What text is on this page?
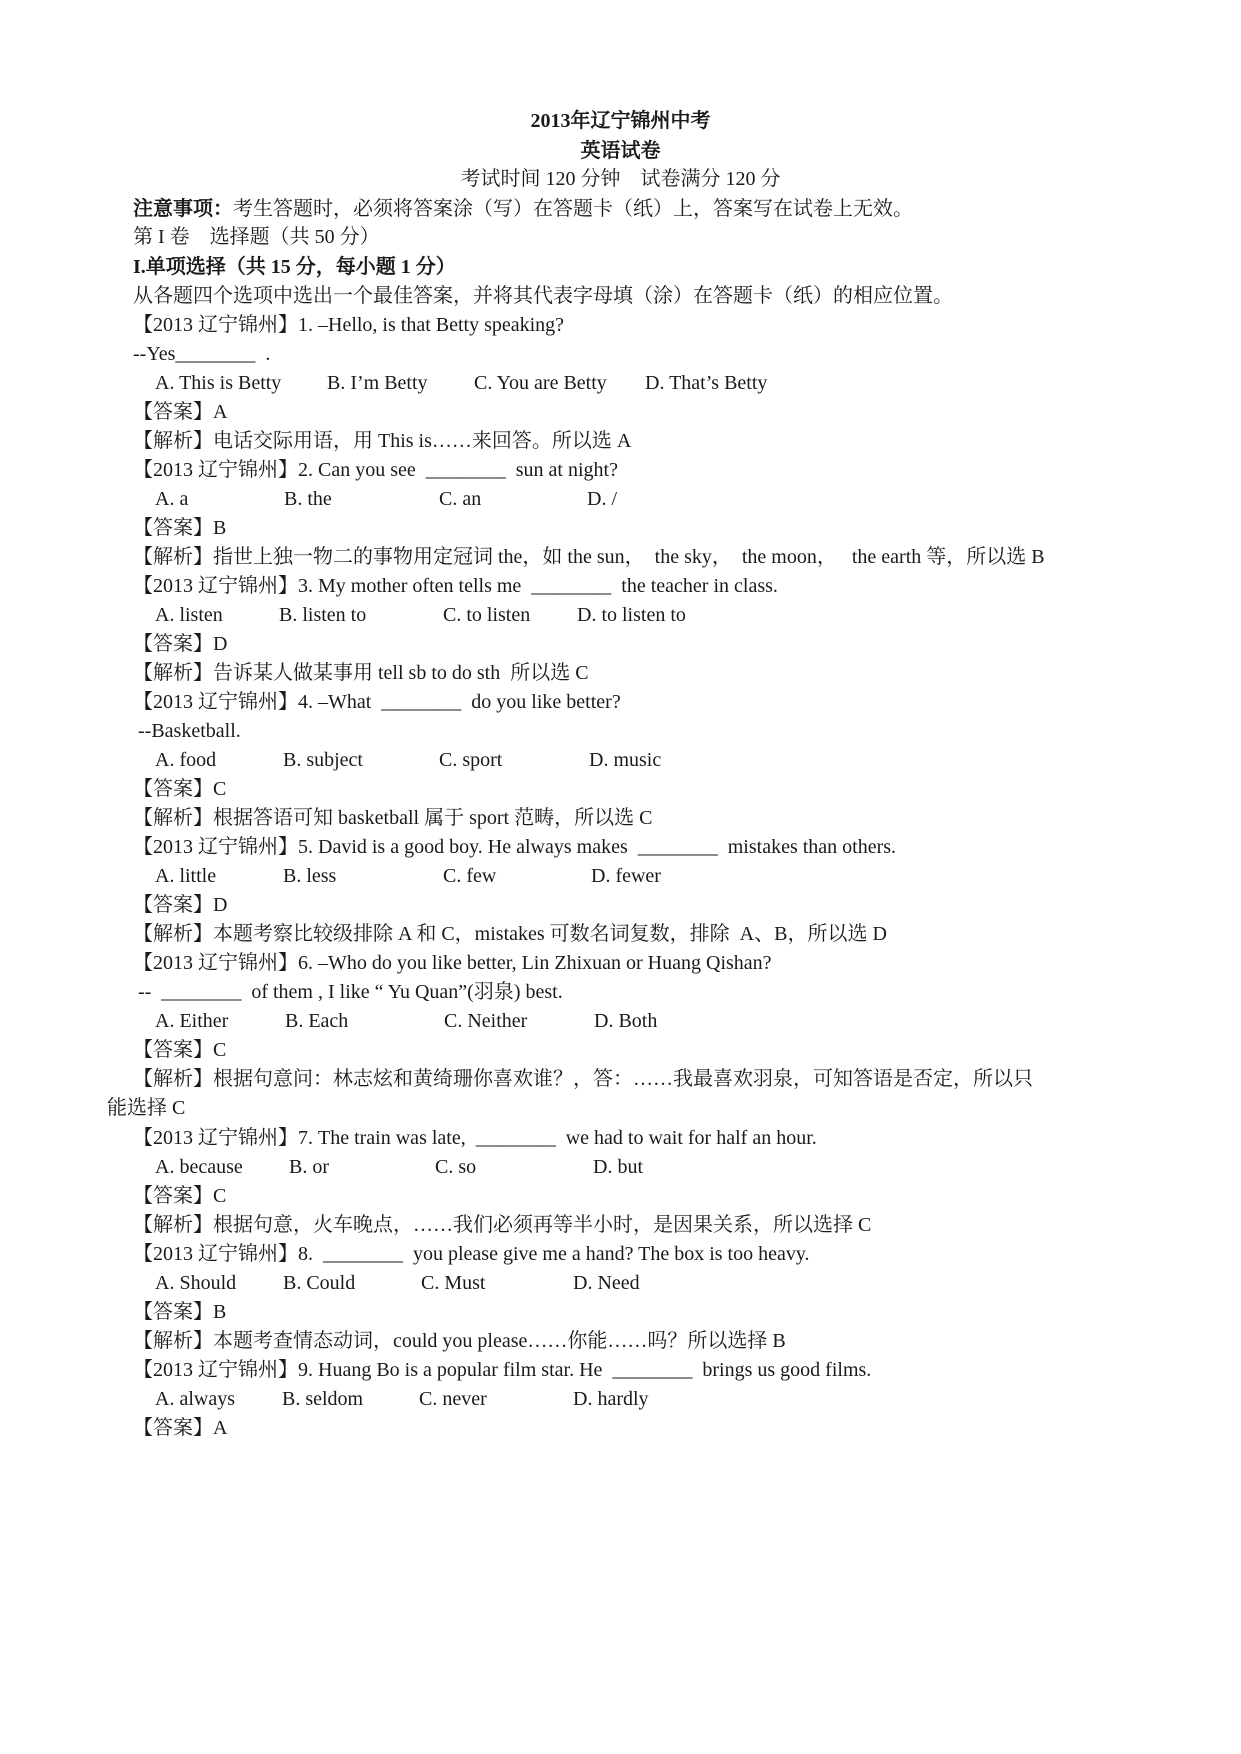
2013年辽宁锦州中考
英语试卷
考试时间 120 分钟    试卷满分 120 分
注意事项：考生答题时，必须将答案涂（写）在答题卡（纸）上，答案写在试卷上无效。
第 I 卷    选择题（共 50 分）
I.单项选择（共 15 分，每小题 1 分）
从各题四个选项中选出一个最佳答案，并将其代表字母填（涂）在答题卡（纸）的相应位置。
【2013 辽宁锦州】1. –Hello, is that Betty speaking?
--Yes________  .
A. This is Betty B. I’m Betty C. You are Betty D. That’s Betty
【答案】A
【解析】电话交际用语，用 This is……来回答。所以选 A
【2013 辽宁锦州】2. Can you see  ________  sun at night?
A. a	B. the	C. an	D. /
【答案】B
【解析】指世上独一物二的事物用定冠词 the，如 the sun，  the sky，  the moon，   the earth 等，所以选 B
【2013 辽宁锦州】3. My mother often tells me  ________  the teacher in class.
A. listen	B. listen to	C. to listen D. to listen to
【答案】D
【解析】告诉某人做某事用 tell sb to do sth  所以选 C
【2013 辽宁锦州】4. –What  ________  do you like better?
--Basketball.
A. food	B. subject	C. sport	D. music
【答案】C
【解析】根据答语可知 basketball 属于 sport 范畴，所以选 C
【2013 辽宁锦州】5. David is a good boy. He always makes  ________  mistakes than others.
A. little	B. less	C. few	D. fewer
【答案】D
【解析】本题考察比较级排除 A 和 C，mistakes 可数名词复数，排除  A、B，所以选 D
【2013 辽宁锦州】6. –Who do you like better, Lin Zhixuan or Huang Qishan?
--  ________  of them , I like “ Yu Quan”(羽泉) best.
A. Either	B. Each	C. Neither	D. Both
【答案】C
【解析】根据句意问：林志炫和黄绮珊你喜欢谁？，答：……我最喜欢羽泉，可知答语是否定，所以只
能选择 C
【2013 辽宁锦州】7. The train was late,  ________  we had to wait for half an hour.
A. because B. or	C. so	D. but
【答案】C
【解析】根据句意，火车晚点，……我们必须再等半小时，是因果关系，所以选择 C
【2013 辽宁锦州】8.  ________  you please give me a hand? The box is too heavy.
A. Should B. Could	C. Must	D. Need
【答案】B
【解析】本题考查情态动词，could you please……你能……吗？所以选择 B
【2013 辽宁锦州】9. Huang Bo is a popular film star. He  ________  brings us good films.
A. always B. seldom	C. never	D. hardly
【答案】A
